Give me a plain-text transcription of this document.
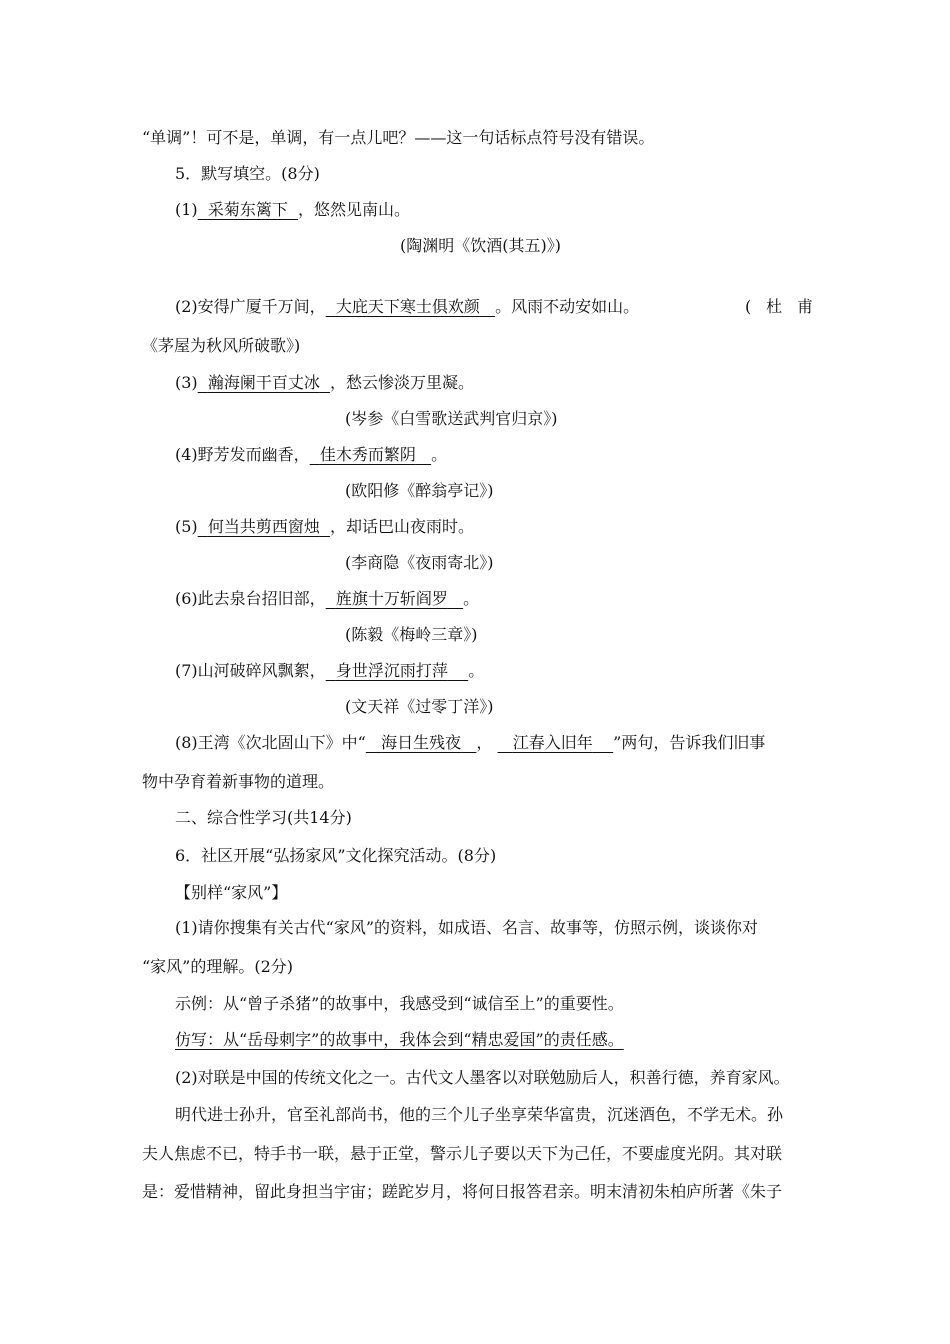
“单调”！可不是，单调，有一点儿吧？——这一句话标点符号没有错误。
5．默写填空。(8分)
(1) 采菊东篱下 ，悠然见南山。
(陶渊明《饮酒(其五)》)
(2)安得广厦千万间， 大庇天下寒士俱欢颜 。风雨不动安如山。	( 杜 甫
《茅屋为秋风所破歌》)
(3) 瀚海阑干百丈冰 ，愁云惨淡万里凝。
(岑参《白雪歌送武判官归京》)
(4)野芳发而幽香， 佳木秀而繁阴 。
(欧阳修《醉翁亭记》)
(5) 何当共剪西窗烛 ，却话巴山夜雨时。
(李商隐《夜雨寄北》)
(6)此去泉台招旧部， 旌旗十万斩阎罗 。
(陈毅《梅岭三章》)
(7)山河破碎风飘絮， 身世浮沉雨打萍 。
(文天祥《过零丁洋》)
(8)王湾《次北固山下》中“ 海日生残夜 ， 江春入旧年 ”两句，告诉我们旧事
物中孕育着新事物的道理。
二、综合性学习(共14分)
6．社区开展“弘扬家风”文化探究活动。(8分)
【别样“家风”】
(1)请你搜集有关古代“家风”的资料，如成语、名言、故事等，仿照示例，谈谈你对
“家风”的理解。(2分)
示例：从“曾子杀猪”的故事中，我感受到“诚信至上”的重要性。
仿写：从“岳母刺字”的故事中，我体会到“精忠爱国”的责任感。
(2)对联是中国的传统文化之一。古代文人墨客以对联勉励后人，积善行德，养育家风。
明代进士孙升，官至礼部尚书，他的三个儿子坐享荣华富贵，沉迷酒色，不学无术。孙
夫人焦虑不已，特手书一联，悬于正堂，警示儿子要以天下为己任，不要虚度光阴。其对联
是：爱惜精神，留此身担当宇宙；蹉跎岁月，将何日报答君亲。明末清初朱柏庐所著《朱子
